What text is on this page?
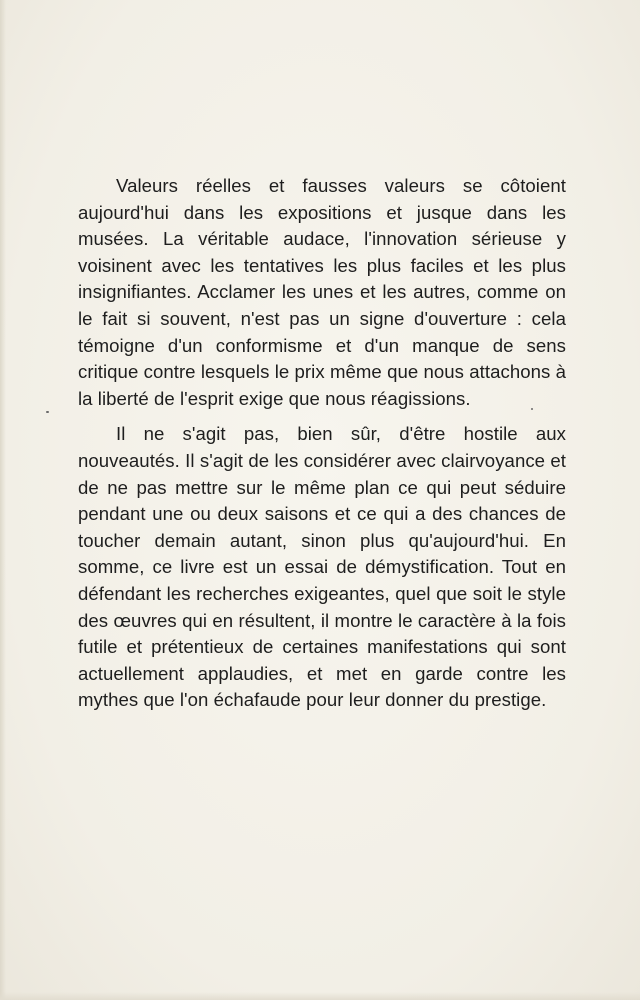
Valeurs réelles et fausses valeurs se côtoient aujourd'hui dans les expositions et jusque dans les musées. La véritable audace, l'innovation sérieuse y voisinent avec les tentatives les plus faciles et les plus insignifiantes. Acclamer les unes et les autres, comme on le fait si souvent, n'est pas un signe d'ouverture : cela témoigne d'un conformisme et d'un manque de sens critique contre lesquels le prix même que nous attachons à la liberté de l'esprit exige que nous réagissions.

Il ne s'agit pas, bien sûr, d'être hostile aux nouveautés. Il s'agit de les considérer avec clairvoyance et de ne pas mettre sur le même plan ce qui peut séduire pendant une ou deux saisons et ce qui a des chances de toucher demain autant, sinon plus qu'aujourd'hui. En somme, ce livre est un essai de démystification. Tout en défendant les recherches exigeantes, quel que soit le style des œuvres qui en résultent, il montre le caractère à la fois futile et prétentieux de certaines manifestations qui sont actuellement applaudies, et met en garde contre les mythes que l'on échafaude pour leur donner du prestige.
